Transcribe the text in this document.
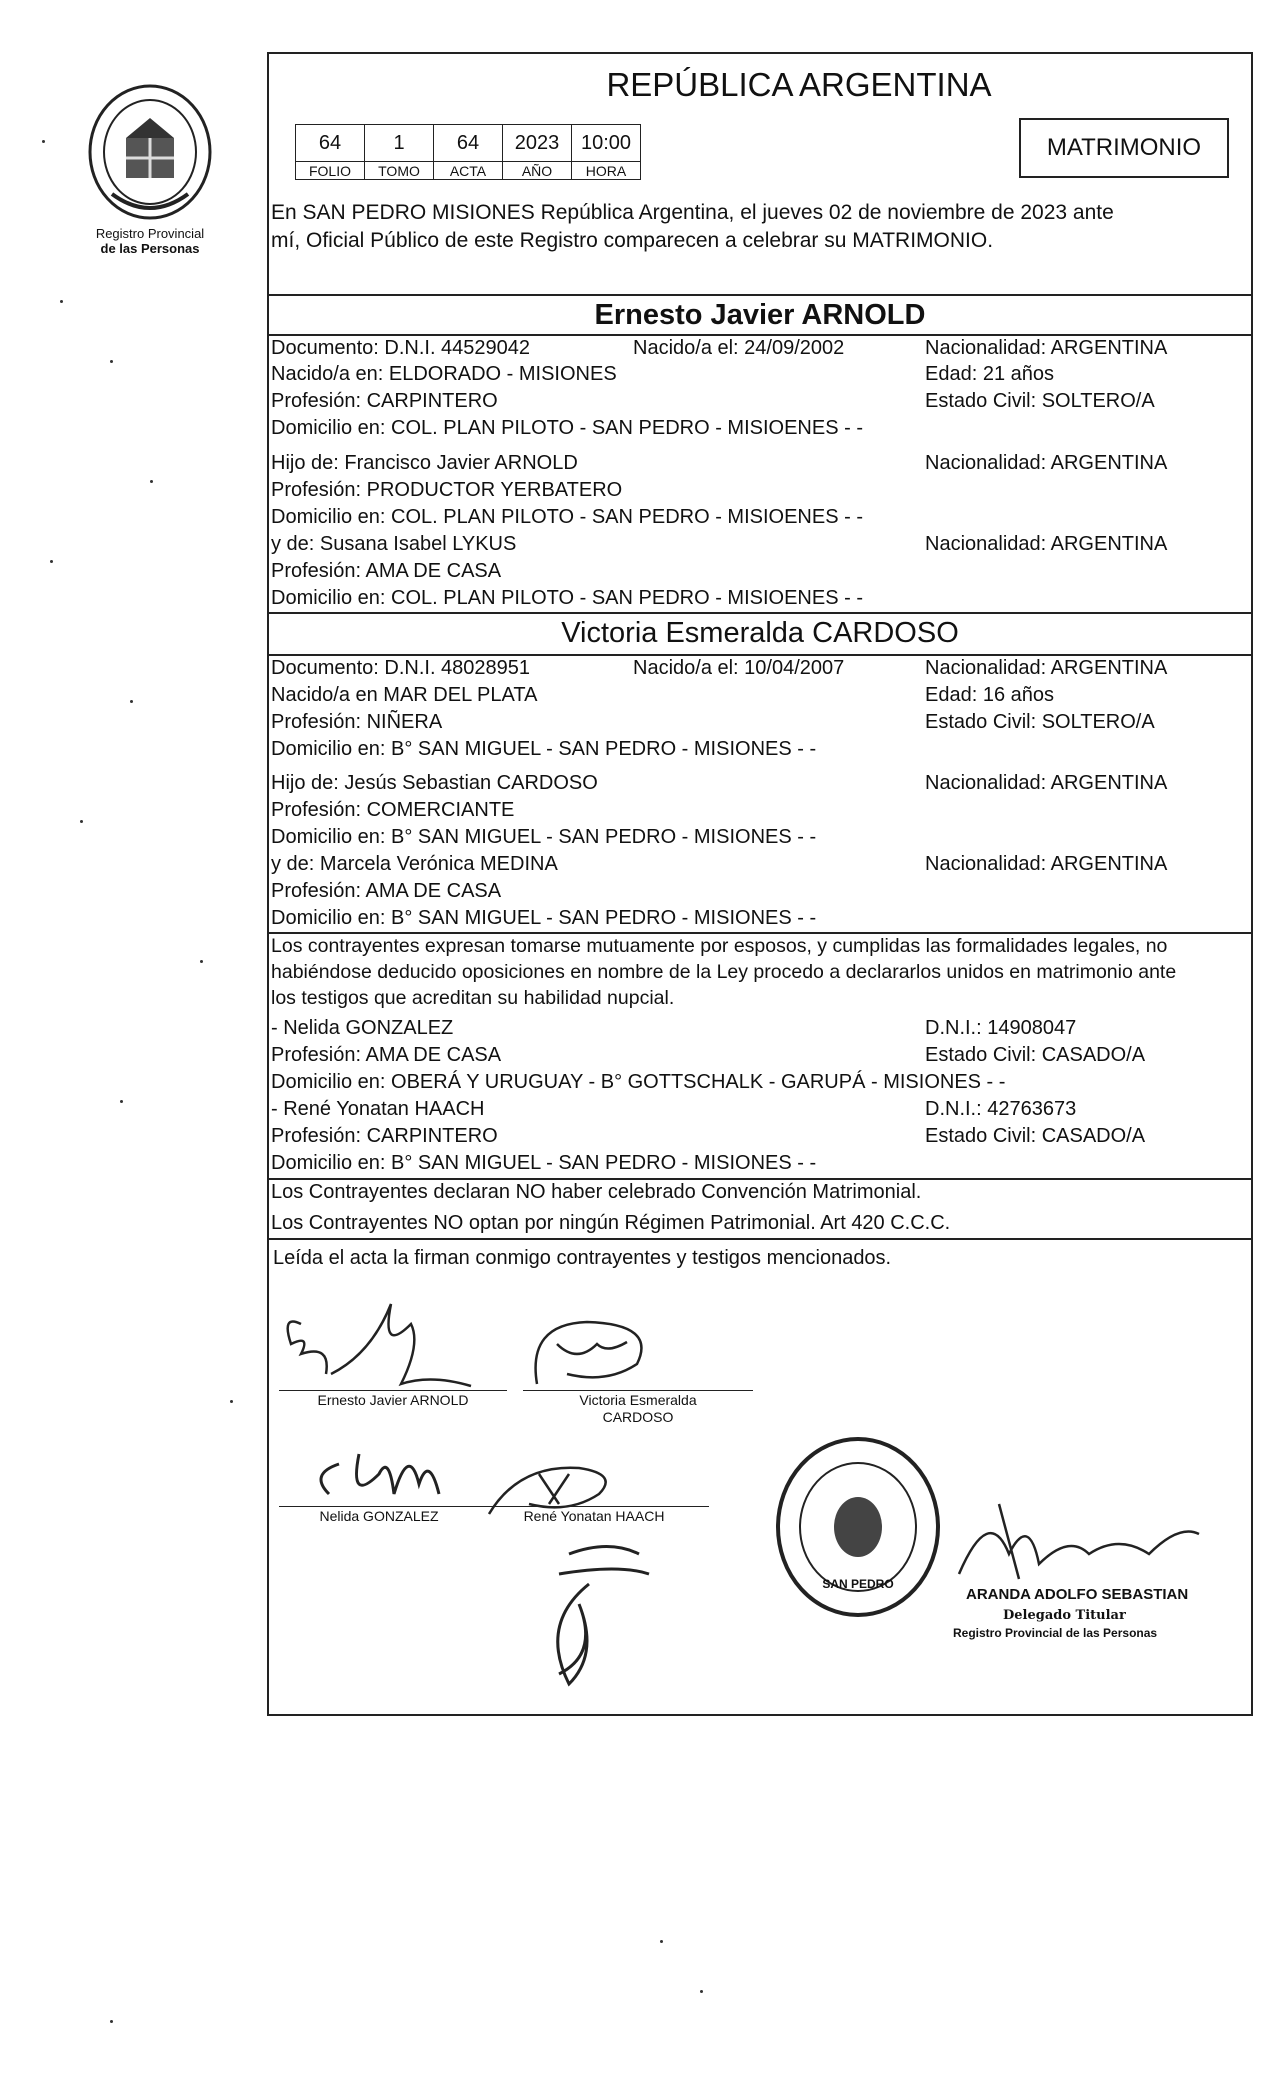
Registro Provincial
de las Personas
REPÚBLICA ARGENTINA
64	1	64	2023	10:00
FOLIO	TOMO	ACTA	AÑO	HORA
MATRIMONIO
En SAN PEDRO MISIONES República Argentina, el jueves 02 de noviembre de 2023 ante
mí, Oficial Público de este Registro comparecen a celebrar su MATRIMONIO.
Ernesto Javier ARNOLD
Documento: D.N.I. 44529042	Nacido/a el: 24/09/2002	Nacionalidad: ARGENTINA
Nacido/a en: ELDORADO - MISIONES	Edad: 21 años
Profesión: CARPINTERO	Estado Civil: SOLTERO/A
Domicilio en: COL. PLAN PILOTO - SAN PEDRO - MISIOENES - -
Hijo de: Francisco Javier ARNOLD	Nacionalidad: ARGENTINA
Profesión: PRODUCTOR YERBATERO
Domicilio en: COL. PLAN PILOTO - SAN PEDRO - MISIOENES - -
y de: Susana Isabel LYKUS	Nacionalidad: ARGENTINA
Profesión: AMA DE CASA
Domicilio en: COL. PLAN PILOTO - SAN PEDRO - MISIOENES - -
Victoria Esmeralda CARDOSO
Documento: D.N.I. 48028951	Nacido/a el: 10/04/2007	Nacionalidad: ARGENTINA
Nacido/a en MAR DEL PLATA	Edad: 16 años
Profesión: NIÑERA	Estado Civil: SOLTERO/A
Domicilio en: B° SAN MIGUEL - SAN PEDRO - MISIONES - -
Hijo de: Jesús Sebastian CARDOSO	Nacionalidad: ARGENTINA
Profesión: COMERCIANTE
Domicilio en: B° SAN MIGUEL - SAN PEDRO - MISIONES - -
y de: Marcela Verónica MEDINA	Nacionalidad: ARGENTINA
Profesión: AMA DE CASA
Domicilio en: B° SAN MIGUEL - SAN PEDRO - MISIONES - -
Los contrayentes expresan tomarse mutuamente por esposos, y cumplidas las formalidades legales, no
habiéndose deducido oposiciones en nombre de la Ley procedo a declararlos unidos en matrimonio ante
los testigos que acreditan su habilidad nupcial.
- Nelida GONZALEZ	D.N.I.: 14908047
Profesión: AMA DE CASA	Estado Civil: CASADO/A
Domicilio en: OBERÁ Y URUGUAY - B° GOTTSCHALK - GARUPÁ - MISIONES - -
- René Yonatan HAACH	D.N.I.: 42763673
Profesión: CARPINTERO	Estado Civil: CASADO/A
Domicilio en: B° SAN MIGUEL - SAN PEDRO - MISIONES - -
Los Contrayentes declaran NO haber celebrado Convención Matrimonial.
Los Contrayentes NO optan por ningún Régimen Patrimonial. Art 420 C.C.C.
Leída el acta la firman conmigo contrayentes y testigos mencionados.
Ernesto Javier ARNOLD	Victoria Esmeralda
CARDOSO
Nelida GONZALEZ	René Yonatan HAACH
SAN PEDRO
ARANDA ADOLFO SEBASTIAN
Delegado Titular
Registro Provincial de las Personas
